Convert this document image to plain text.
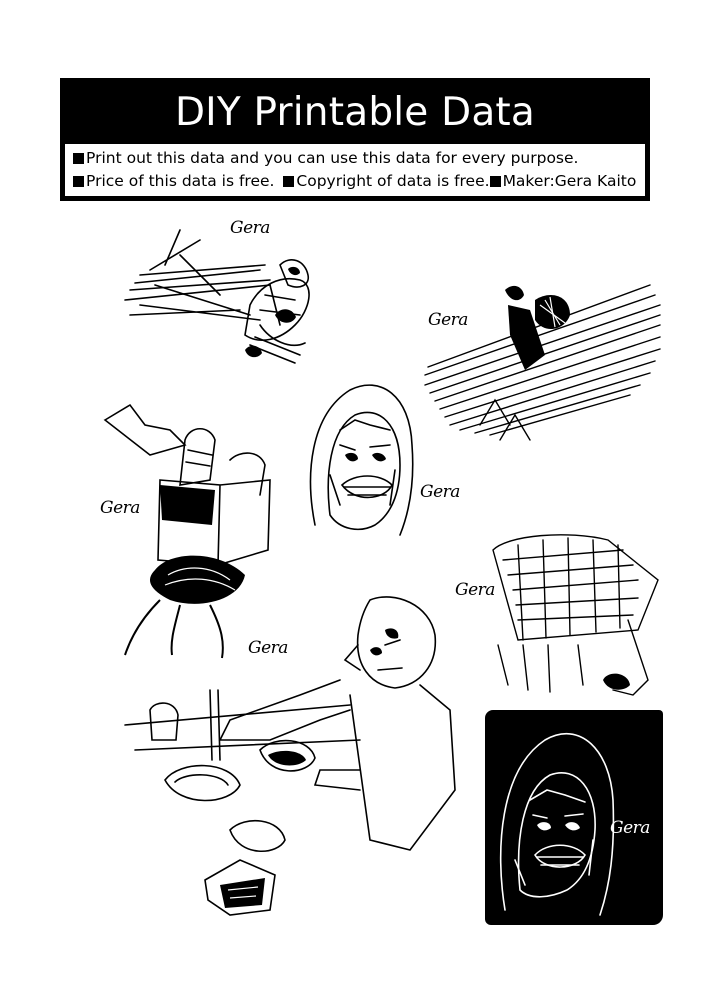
DIY Printable Data
Print out this data and you can use this data for every purpose.
Price of this data is free. Copyright of data is free. Maker:Gera Kaito
Gera
Gera
Gera
Gera
Gera
Gera
Gera
